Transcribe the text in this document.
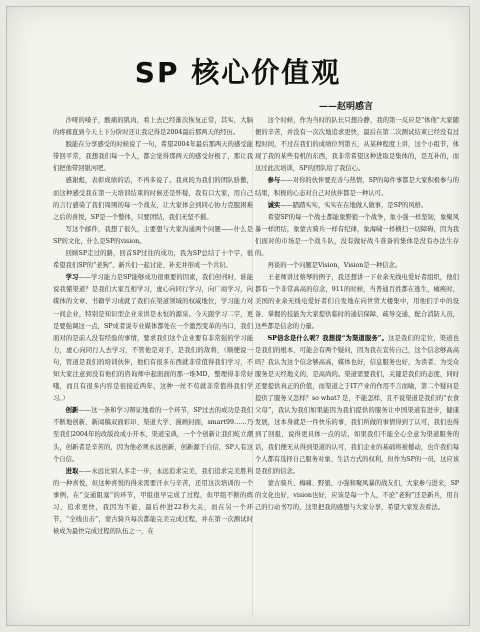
SP 核心价值观
——赵明感言

沙哑的嗓子，酸痛的肌肉，看上去已经渐次恢复正常，其实，大脑的疼痛直到今天上下分阶时还让我记得是2004最后那两天的经历。

脱能在分享感受的时候说了一句，希望2004年最后那两天的感受能带回平常，我想我们每一个人，都会觉得那两天的感受好极了，那让我们把他带回银河吧。

感谢彪，表彰成绩的话，不再多说了。我真的为我们的团队骄傲，而这种感受我在第一天培训结束的时候还是怀疑，我有口大家，用自己的言行感染了我们周围的每一个战友，让大家体会到同心协力克服困难之后的喜悦，SP是一个整体，只要团结，我们无坚不摧。

写这个邮件，我想了很久，主要想与大家沟通两个问题——什么是SP的文化，什么是SP的vision。

回顾SP走过的路，回首SP过往的成功，我为SP总结了十个字，很希望我们SP的“老狗”、新兵们一起讨论、补充并形成一个共识。

学习——学习能力是SP能够成功很重要的因素，我们创刊时，谁能说我懂渠道？是我们大家互相学习，虚心向同行学习，向厂商学习，向媒体的文章、书籍学习成就了我们在渠道领域的权威地位，学习能力对一间企业，特别是知识型企业来讲是永恒的源泉。今天跟学习二字，更是要强调这一点，SP成者说专业媒体都处在一个激烈变革的当口，我们面对的是前人没有经验的事情，要求我们这个企业要有非常强的学习能力，虚心向同行人去学习，不管他是对手，是我们的敌将，（顺便说一句，管道是我们的培训伙伴，他们有很多东西就非常值得我们学习，不知大家注意到没有他们的咨询师中起面面的那一堆MD，整理得非常好哦，而且有很多内容是很接近两年，这种一丝不苟就非常值得我们学习。）

创新——这一条和学习辩证地看的一个环节，SP过去的成功是我们不断地创新，新闻稿双面彩印、渠道大学、漫画封面，smart99……乃至我们2004年的改版改成小开本，渠道宝典，一个个创新让我们屹立潮头，创新者是辛苦的，因为他必须永远创新，创新源于自信，SP人有这个自信。

进取——永远比别人多走一步，永远追求完美，我们追求完美胜利的一种喜悦，但这种喜悦的得来需要汗水与辛苦，还用这次培训的一个事例，在“交通阻塞”的环节，甲组很早完成了过程，但甲组不断的练习，追求更快，我因为不能，最后仲进22秒大关，而在另一个环节，“全线出击”，蒙古骑兵每次都能完美完成过程，并在第一次测试时候成为最快完成过程的队伍之一，在

这个时候，作为当时的队长只想冷静，我的第一反应是"体他"大家随便的辛苦，并没有一次次地追求更快，最后在第二次测试结束已经没有过程时间，不过在我们的成绩位列第五，从某种程度上讲，这个小组节，体现了我的某些有机的东西，我非常希望这种进取是集体的，是互补的，而这过此次培训，SP的团队给了我信心。

参与——对你的伙伴要充善与热情，SP的每件事都是大家积极参与的结果，积极的心态对自己对伙伴都是一种认可。

诚实——踏踏实实，实实在在地做人做事，是SP的风格。

希望SP的每一个战士都能象野狼一个战争，象小强一样坚韧，象聚风暴一样团结，象蒙古骑兵一样有纪律，象海啸一样横扫一切障碍，因为我们面对的市场是一个战斗队，没有做好战斗准备的集体是没有办法生存的。

再谈的一个问题是Vision，Vision是一种信念。

王老师讲过蔡琴的例子，我还想讲一下业余无线电爱好者组织，他们都有一个非常高高的信念，911的时候，当普通百姓都在逃生，瘫痪时，美国的业余无线电爱好者们自发地在向世贸大楼集中，用他们手中的设备、掌握的技能为大家提供临时的通信保障，疏导交通，配合消防人员，这些都是信念的力量。

SP信念是什么呢？我想提“为渠道服务”。这是我们的定位，渠道也是我们的根本，可能会有两个疑问，因为我在宣传自己，这个信念够高高吗？我认为这个信念够高高，媒体也好，信息服务也好，为读者、为受众服务是天经地义的，是高尚的。渠道需要我们，关键是我们的态度，同时还要提供真正的价值，而渠道之于IT产业的作用不言而喻，第二个疑问是提供了服务又怎样？so what? 是，不能怎样，且不说渠道是我们的“衣食父母”，我认为我们如果能因为我们提供的服务让中国渠道有进步，健康发展，这本身就是一件快乐的事，我们所做的事情得到了认可，我们也得到了回报，说得更具体一点的话，如果我们不能全心全意为渠道服务的话，我们便无从得到渠道的认可，我们企业的基础将被撼动，也许我们每个人都有选择自己服务对象、生活方式的权利，但作为SP的一员，这应该是我们的信念。

蒙古骑兵、梅啸、野狼、小强和聚风暴的战友们，大家参与进来，SP的文化也好，vision也好，应该是每一个人，不论“老狗”还是新兵，用自己的行动书写的，这里把我的感想与大家分享，希望大家发表看法。
